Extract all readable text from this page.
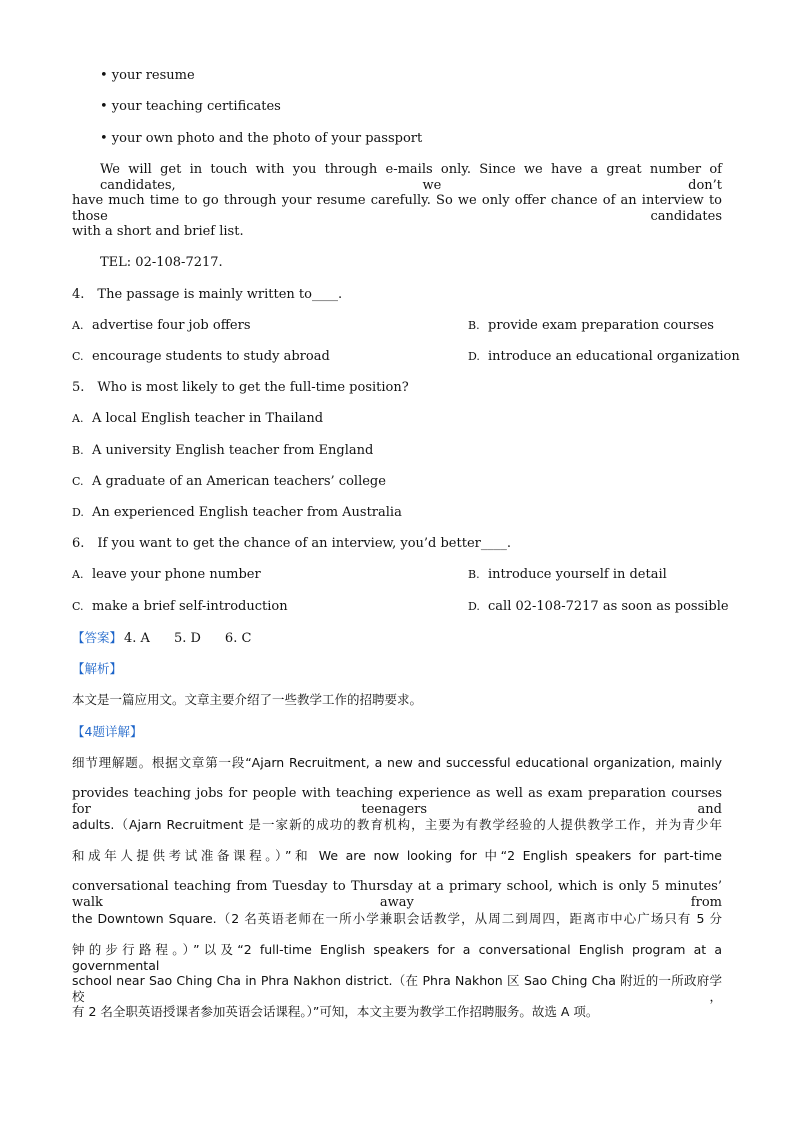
• your resume
• your teaching certificates
• your own photo and the photo of your passport
We will get in touch with you through e-mails only. Since we have a great number of candidates, we don’t
have much time to go through your resume carefully. So we only offer chance of an interview to those candidates
with a short and brief list.
TEL: 02-108-7217.
4. The passage is mainly written to____.
A. advertise four job offers	B. provide exam preparation courses
C. encourage students to study abroad	D. introduce an educational organization
5. Who is most likely to get the full-time position?
A. A local English teacher in Thailand
B. A university English teacher from England
C. A graduate of an American teachers’ college
D. An experienced English teacher from Australia
6. If you want to get the chance of an interview, you’d better____.
A. leave your phone number	B. introduce yourself in detail
C. make a brief self-introduction	D. call 02-108-7217 as soon as possible
【答案】 4. A 5. D 6. C
【解析】
本文是一篇应用文。文章主要介绍了一些教学工作的招聘要求。
【4题详解】
细节理解题。根据文章第一段“Ajarn Recruitment, a new and successful educational organization, mainly
provides teaching jobs for people with teaching experience as well as exam preparation courses for teenagers and
adults.（Ajarn Recruitment 是一家新的成功的教育机构，主要为有教学经验的人提供教学工作，并为青少年
和成年人提供考试准备课程。）”和 We are now looking for 中“2 English speakers for part-time
conversational teaching from Tuesday to Thursday at a primary school, which is only 5 minutes’ walk away from
the Downtown Square.（2 名英语老师在一所小学兼职会话教学，从周二到周四，距离市中心广场只有 5 分
钟的步行路程。）”以及“2 full-time English speakers for a conversational English program at a governmental
school near Sao Ching Cha in Phra Nakhon district.（在 Phra Nakhon 区 Sao Ching Cha 附近的一所政府学校，
有 2 名全职英语授课者参加英语会话课程。）”可知，本文主要为教学工作招聘服务。故选 A 项。
